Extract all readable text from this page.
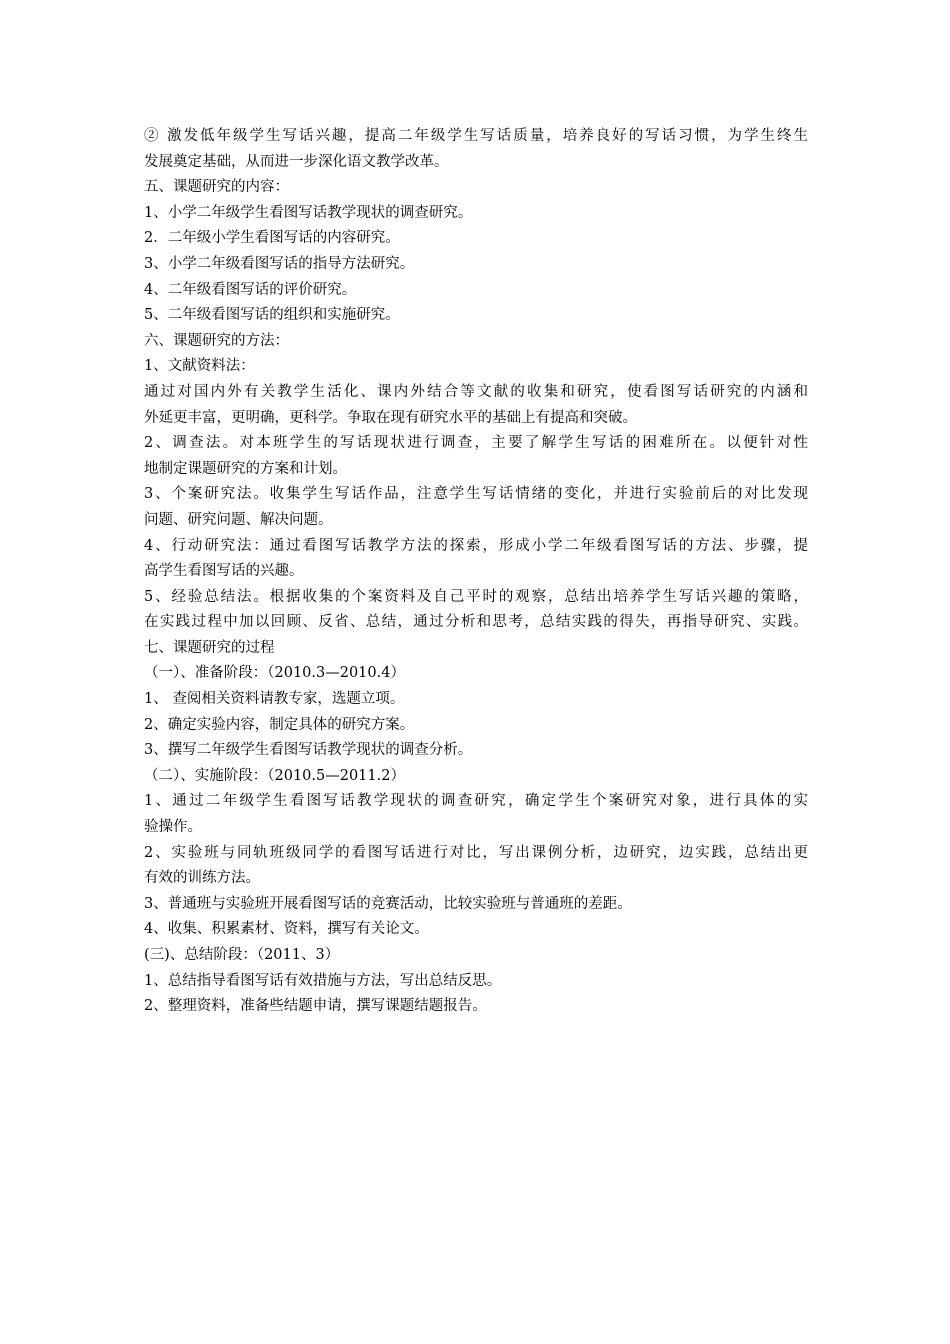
② 激发低年级学生写话兴趣，提高二年级学生写话质量，培养良好的写话习惯，为学生终生
发展奠定基础，从而进一步深化语文教学改革。
五、课题研究的内容：
1、小学二年级学生看图写话教学现状的调查研究。
2．二年级小学生看图写话的内容研究。
3、小学二年级看图写话的指导方法研究。
4、二年级看图写话的评价研究。
5、二年级看图写话的组织和实施研究。
六、课题研究的方法：
1、文献资料法：
通过对国内外有关教学生活化、课内外结合等文献的收集和研究，使看图写话研究的内涵和
外延更丰富，更明确，更科学。争取在现有研究水平的基础上有提高和突破。
2、调查法。对本班学生的写话现状进行调查，主要了解学生写话的困难所在。以便针对性
地制定课题研究的方案和计划。
3、个案研究法。收集学生写话作品，注意学生写话情绪的变化，并进行实验前后的对比发现
问题、研究问题、解决问题。
4、行动研究法：通过看图写话教学方法的探索，形成小学二年级看图写话的方法、步骤，提
高学生看图写话的兴趣。
5、经验总结法。根据收集的个案资料及自己平时的观察，总结出培养学生写话兴趣的策略，
在实践过程中加以回顾、反省、总结，通过分析和思考，总结实践的得失，再指导研究、实践。
七、课题研究的过程
（一）、准备阶段：（2010.3—2010.4）
1、 查阅相关资料请教专家，选题立项。
2、确定实验内容，制定具体的研究方案。
3、撰写二年级学生看图写话教学现状的调查分析。
（二）、实施阶段：（2010.5—2011.2）
1、通过二年级学生看图写话教学现状的调查研究，确定学生个案研究对象，进行具体的实
验操作。
2、实验班与同轨班级同学的看图写话进行对比，写出课例分析，边研究，边实践，总结出更
有效的训练方法。
3、普通班与实验班开展看图写话的竞赛活动，比较实验班与普通班的差距。
4、收集、积累素材、资料，撰写有关论文。
(三)、总结阶段：（2011、3）
1、总结指导看图写话有效措施与方法，写出总结反思。
2、整理资料，准备些结题申请，撰写课题结题报告。
